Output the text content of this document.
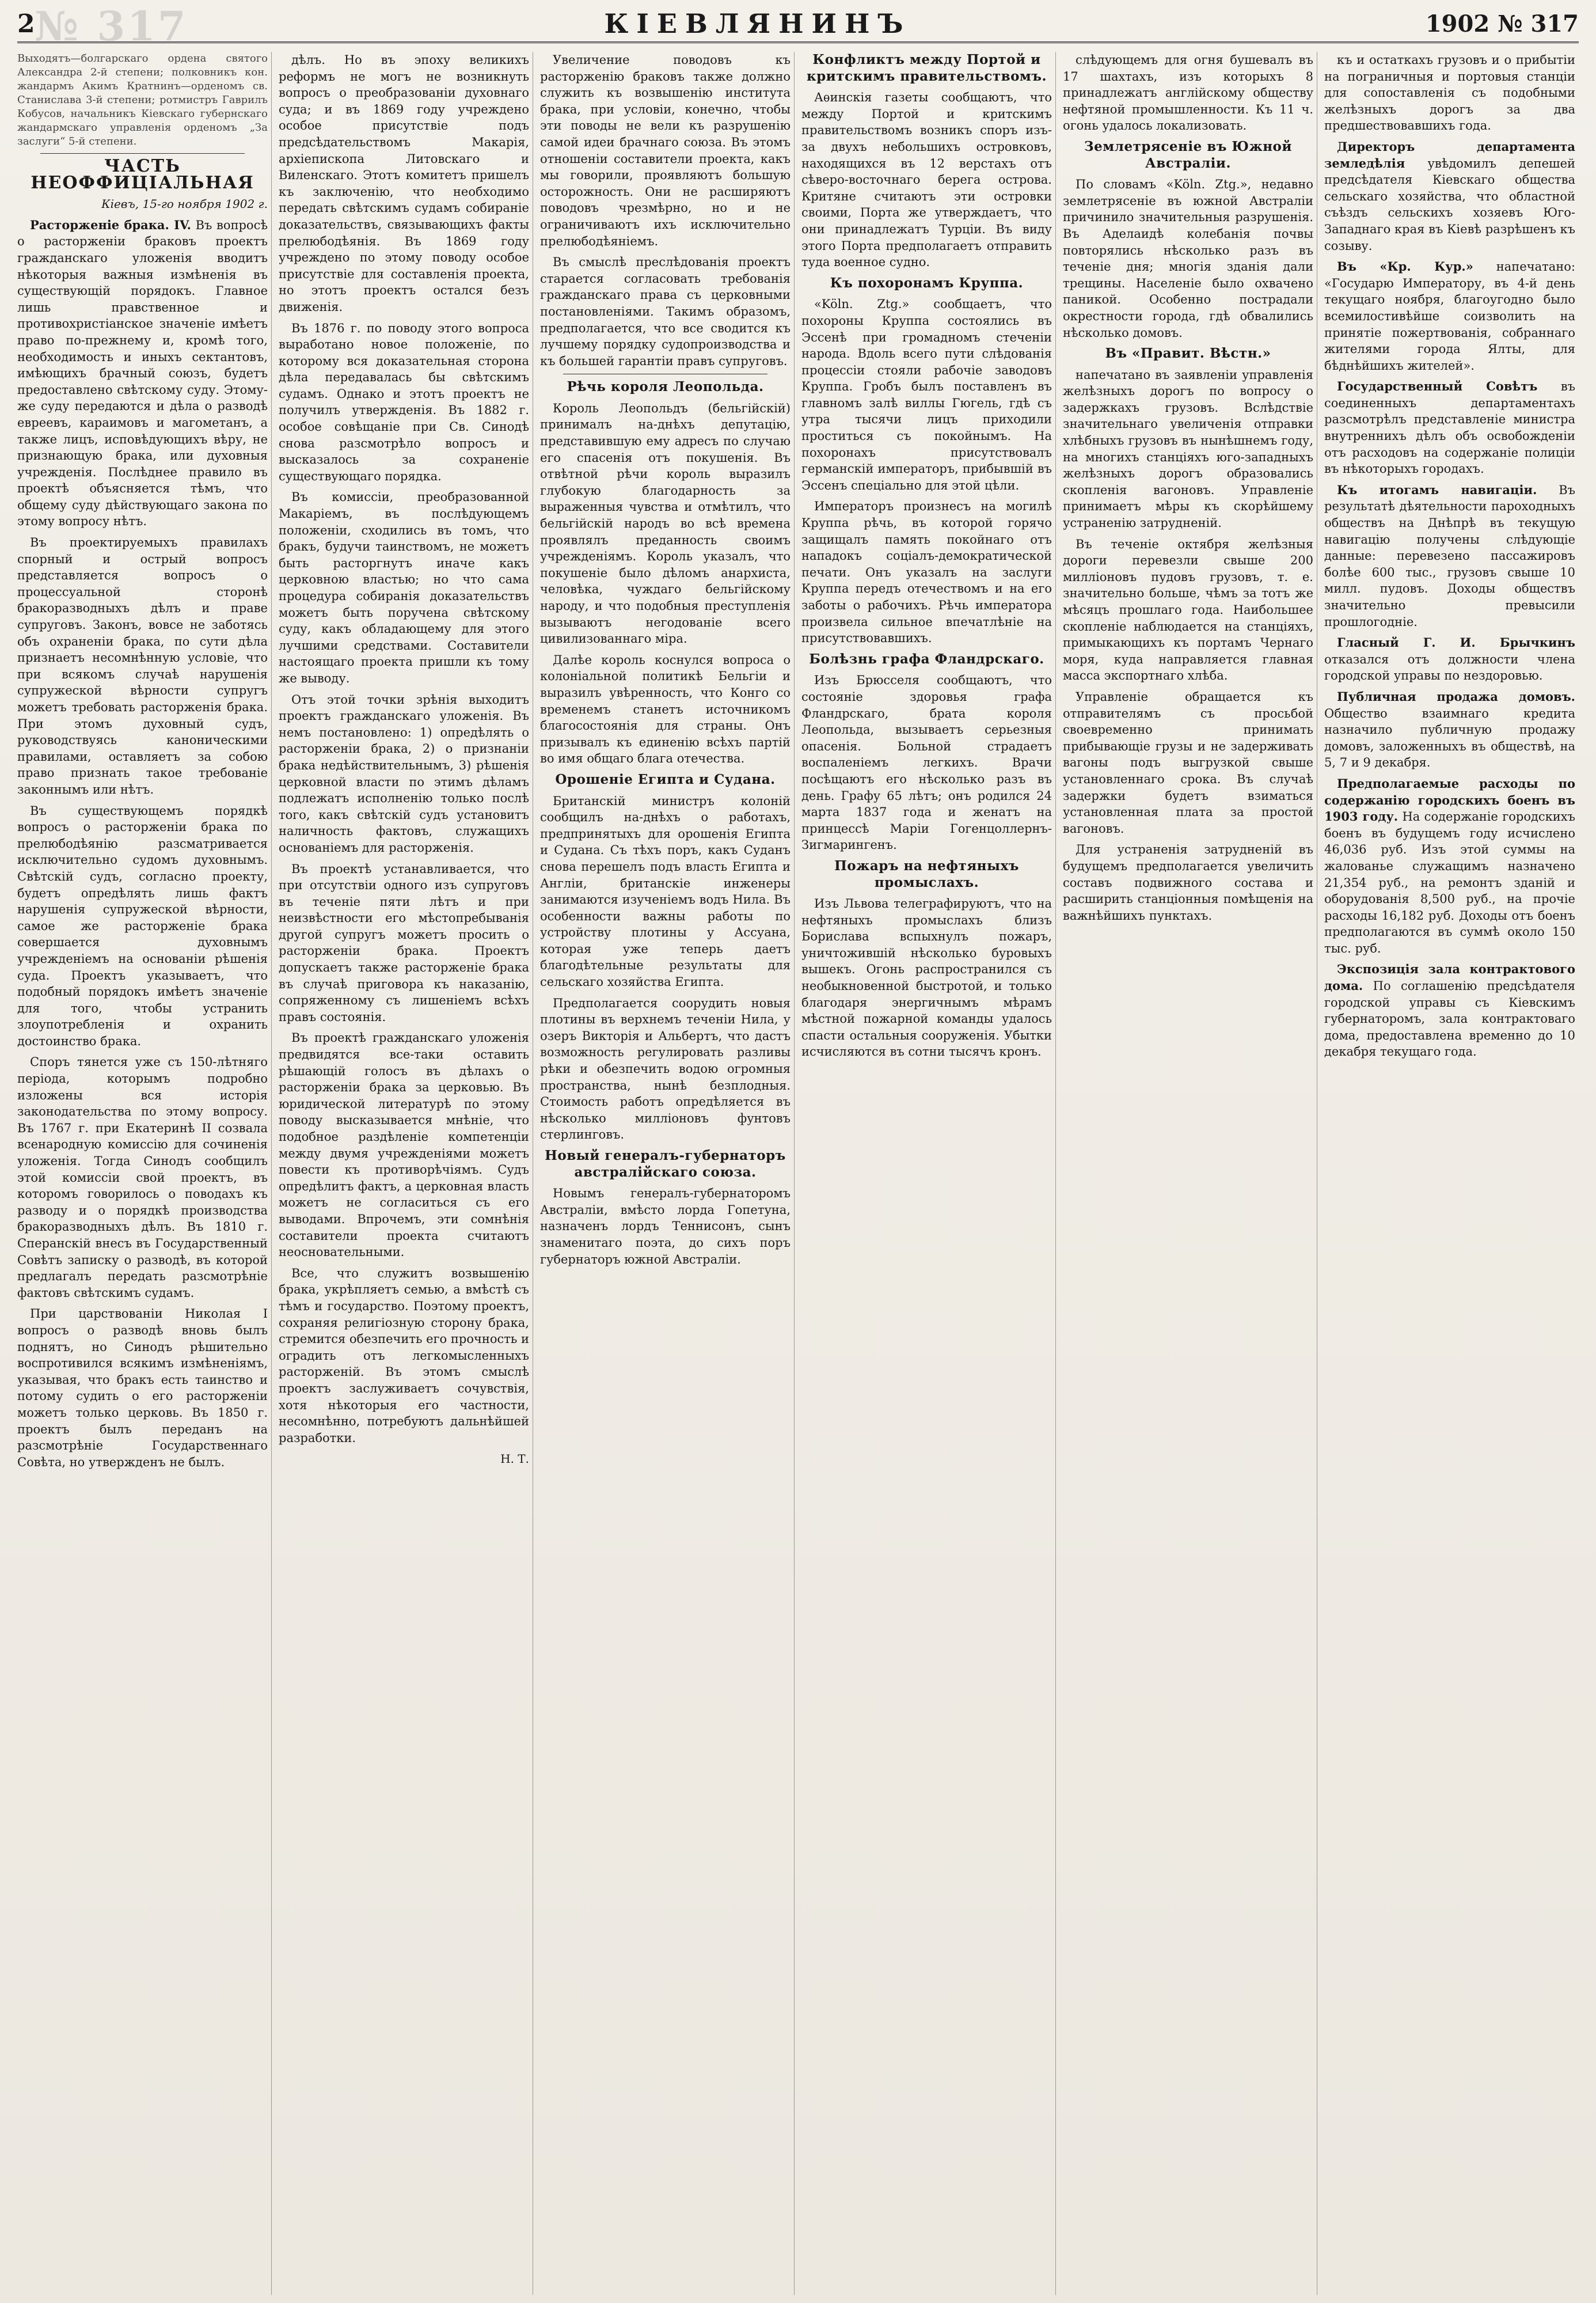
№ 317
2	КІЕВЛЯНИНЪ	1902 № 317

Выходятъ—болгарскаго ордена святого Александра 2-й степени; полковникъ кон. жандармъ Акимъ Кратнинъ—орденомъ св. Станислава 3-й степени; ротмистръ Гаврилъ Кобусов, начальникъ Кіевскаго губернскаго жандармскаго управленія орденомъ „За заслуги“ 5-й степени.

ЧАСТЬ НЕОФФИЦІАЛЬНАЯ

Кіевъ, 15-го ноября 1902 г.

Расторженіе брака. IV. Въ вопросѣ о расторженіи браковъ проектъ гражданскаго уложенія вводитъ нѣкоторыя важныя измѣненія въ существующій порядокъ. Главное лишь правственное и противохристіанское значеніе имѣетъ право по-прежнему и, кромѣ того, необходимость и иныхъ сектантовъ, имѣющихъ брачный союзъ, будетъ предоставлено свѣтскому суду. Этому-же суду передаются и дѣла о разводѣ евреевъ, караимовъ и магометанъ, а также лицъ, исповѣдующихъ вѣру, не признающую брака, или духовныя учрежденія. Послѣднее правило въ проектѣ объясняется тѣмъ, что общему суду дѣйствующаго закона по этому вопросу нѣтъ.

Въ проектируемыхъ правилахъ спорный и острый вопросъ представляется вопросъ о процессуальной сторонѣ бракоразводныхъ дѣлъ и праве супруговъ. Законъ, вовсе не заботясь объ охраненіи брака, по сути дѣла признаетъ несомнѣнную условіе, что при всякомъ случаѣ нарушенія супружеской вѣрности супругъ можетъ требовать расторженія брака. При этомъ духовный судъ, руководствуясь каноническими правилами, оставляетъ за собою право признать такое требованіе законнымъ или нѣтъ.

Въ существующемъ порядкѣ вопросъ о расторженіи брака по прелюбодѣянію разсматривается исключительно судомъ духовнымъ. Свѣтскій судъ, согласно проекту, будетъ опредѣлять лишь фактъ нарушенія супружеской вѣрности, самое же расторженіе брака совершается духовнымъ учрежденіемъ на основаніи рѣшенія суда. Проектъ указываетъ, что подобный порядокъ имѣетъ значеніе для того, чтобы устранить злоупотребленія и охранить достоинство брака.

Споръ тянется уже съ 150-лѣтняго періода, которымъ подробно изложены вся исторія законодательства по этому вопросу. Въ 1767 г. при Екатеринѣ II созвала всенародную комиссію для сочиненія уложенія. Тогда Синодъ сообщилъ этой комиссіи свой проектъ, въ которомъ говорилось о поводахъ къ разводу и о порядкѣ производства бракоразводныхъ дѣлъ. Въ 1810 г. Сперанскій внесъ въ Государственный Совѣтъ записку о разводѣ, въ которой предлагалъ передать разсмотрѣніе фактовъ свѣтскимъ судамъ.

При царствованіи Николая I вопросъ о разводѣ вновь былъ поднятъ, но Синодъ рѣшительно воспротивился всякимъ измѣненіямъ, указывая, что бракъ есть таинство и потому судить о его расторженіи можетъ только церковь. Въ 1850 г. проектъ былъ переданъ на разсмотрѣніе Государственнаго Совѣта, но утвержденъ не былъ.

дѣлъ. Но въ эпоху великихъ реформъ не могъ не возникнуть вопросъ о преобразованіи духовнаго суда; и въ 1869 году учреждено особое присутствіе подъ предсѣдательствомъ Макарія, архіепископа Литовскаго и Виленскаго. Этотъ комитетъ пришелъ къ заключенію, что необходимо передать свѣтскимъ судамъ собираніе доказательствъ, связывающихъ факты прелюбодѣянія. Въ 1869 году учреждено по этому поводу особое присутствіе для составленія проекта, но этотъ проектъ остался безъ движенія.

Въ 1876 г. по поводу этого вопроса выработано новое положеніе, по которому вся доказательная сторона дѣла передавалась бы свѣтскимъ судамъ. Однако и этотъ проектъ не получилъ утвержденія. Въ 1882 г. особое совѣщаніе при Св. Синодѣ снова разсмотрѣло вопросъ и высказалось за сохраненіе существующаго порядка.

Въ комиссіи, преобразованной Макаріемъ, въ послѣдующемъ положеніи, сходились въ томъ, что бракъ, будучи таинствомъ, не можетъ быть расторгнутъ иначе какъ церковною властью; но что сама процедура собиранія доказательствъ можетъ быть поручена свѣтскому суду, какъ обладающему для этого лучшими средствами. Составители настоящаго проекта пришли къ тому же выводу.

Отъ этой точки зрѣнія выходитъ проектъ гражданскаго уложенія. Въ немъ постановлено: 1) опредѣлять о расторженіи брака, 2) о признаніи брака недѣйствительнымъ, 3) рѣшенія церковной власти по этимъ дѣламъ подлежатъ исполненію только послѣ того, какъ свѣтскій судъ установитъ наличность фактовъ, служащихъ основаніемъ для расторженія.

Въ проектѣ устанавливается, что при отсутствіи одного изъ супруговъ въ теченіе пяти лѣтъ и при неизвѣстности его мѣстопребыванія другой супругъ можетъ просить о расторженіи брака. Проектъ допускаетъ также расторженіе брака въ случаѣ приговора къ наказанію, сопряженному съ лишеніемъ всѣхъ правъ состоянія.

Въ проектѣ гражданскаго уложенія предвидятся все-таки оставить рѣшающій голосъ въ дѣлахъ о расторженіи брака за церковью. Въ юридической литературѣ по этому поводу высказывается мнѣніе, что подобное раздѣленіе компетенціи между двумя учрежденіями можетъ повести къ противорѣчіямъ. Судъ опредѣлитъ фактъ, а церковная власть можетъ не согласиться съ его выводами. Впрочемъ, эти сомнѣнія составители проекта считаютъ неосновательными.

Все, что служитъ возвышенію брака, укрѣпляетъ семью, а вмѣстѣ съ тѣмъ и государство. Поэтому проектъ, сохраняя религіозную сторону брака, стремится обезпечить его прочность и оградить отъ легкомысленныхъ расторженій. Въ этомъ смыслѣ проектъ заслуживаетъ сочувствія, хотя нѣкоторыя его частности, несомнѣнно, потребуютъ дальнѣйшей разработки.

Н. Т.

Увеличение поводовъ къ расторженію браковъ также должно служить къ возвышенію института брака, при условіи, конечно, чтобы эти поводы не вели къ разрушенію самой идеи брачнаго союза. Въ этомъ отношеніи составители проекта, какъ мы говорили, проявляютъ большую осторожность. Они не расширяютъ поводовъ чрезмѣрно, но и не ограничиваютъ ихъ исключительно прелюбодѣяніемъ.

Въ смыслѣ преслѣдованія проектъ старается согласовать требованія гражданскаго права съ церковными постановленіями. Такимъ образомъ, предполагается, что все сводится къ лучшему порядку судопроизводства и къ большей гарантіи правъ супруговъ.

Рѣчь короля Леопольда.

Король Леопольдъ (бельгійскій) принималъ на-днѣхъ депутацію, представившую ему адресъ по случаю его спасенія отъ покушенія. Въ отвѣтной рѣчи король выразилъ глубокую благодарность за выраженныя чувства и отмѣтилъ, что бельгійскій народъ во всѣ времена проявлялъ преданность своимъ учрежденіямъ. Король указалъ, что покушеніе было дѣломъ анархиста, человѣка, чуждаго бельгійскому народу, и что подобныя преступленія вызываютъ негодованіе всего цивилизованнаго міра.

Далѣе король коснулся вопроса о колоніальной политикѣ Бельгіи и выразилъ увѣренность, что Конго со временемъ станетъ источникомъ благосостоянія для страны. Онъ призывалъ къ единенію всѣхъ партій во имя общаго блага отечества.

Орошеніе Египта и Судана.

Британскій министръ колоній сообщилъ на-днѣхъ о работахъ, предпринятыхъ для орошенія Египта и Судана. Съ тѣхъ поръ, какъ Суданъ снова перешелъ подъ власть Египта и Англіи, британскіе инженеры занимаются изученіемъ водъ Нила. Въ особенности важны работы по устройству плотины у Ассуана, которая уже теперь даетъ благодѣтельные результаты для сельскаго хозяйства Египта.

Предполагается соорудить новыя плотины въ верхнемъ теченіи Нила, у озеръ Викторія и Альбертъ, что дастъ возможность регулировать разливы рѣки и обезпечить водою огромныя пространства, нынѣ безплодныя. Стоимость работъ опредѣляется въ нѣсколько милліоновъ фунтовъ стерлинговъ.

Новый генералъ-губернаторъ австралійскаго союза.

Новымъ генералъ-губернаторомъ Австраліи, вмѣсто лорда Гопетуна, назначенъ лордъ Теннисонъ, сынъ знаменитаго поэта, до сихъ поръ губернаторъ южной Австраліи.

Конфликтъ между Портой и критскимъ правительствомъ.

Аѳинскія газеты сообщаютъ, что между Портой и критскимъ правительствомъ возникъ споръ изъ-за двухъ небольшихъ островковъ, находящихся въ 12 верстахъ отъ сѣверо-восточнаго берега острова. Критяне считаютъ эти островки своими, Порта же утверждаетъ, что они принадлежатъ Турціи. Въ виду этого Порта предполагаетъ отправить туда военное судно.

Къ похоронамъ Круппа.

«Köln. Ztg.» сообщаетъ, что похороны Круппа состоялись въ Эссенѣ при громадномъ стеченіи народа. Вдоль всего пути слѣдованія процессіи стояли рабочіе заводовъ Круппа. Гробъ былъ поставленъ въ главномъ залѣ виллы Гюгель, гдѣ съ утра тысячи лицъ приходили проститься съ покойнымъ. На похоронахъ присутствовалъ германскій императоръ, прибывшій въ Эссенъ спеціально для этой цѣли.

Императоръ произнесъ на могилѣ Круппа рѣчь, въ которой горячо защищалъ память покойнаго отъ нападокъ соціалъ-демократической печати. Онъ указалъ на заслуги Круппа передъ отечествомъ и на его заботы о рабочихъ. Рѣчь императора произвела сильное впечатлѣніе на присутствовавшихъ.

Болѣзнь графа Фландрскаго.

Изъ Брюсселя сообщаютъ, что состояніе здоровья графа Фландрскаго, брата короля Леопольда, вызываетъ серьезныя опасенія. Больной страдаетъ воспаленіемъ легкихъ. Врачи посѣщаютъ его нѣсколько разъ въ день. Графу 65 лѣтъ; онъ родился 24 марта 1837 года и женатъ на принцессѣ Маріи Гогенцоллернъ-Зигмарингенъ.

Пожаръ на нефтяныхъ промыслахъ.

Изъ Львова телеграфируютъ, что на нефтяныхъ промыслахъ близъ Борислава вспыхнулъ пожаръ, уничтожившій нѣсколько буровыхъ вышекъ. Огонь распространился съ необыкновенной быстротой, и только благодаря энергичнымъ мѣрамъ мѣстной пожарной команды удалось спасти остальныя сооруженія. Убытки исчисляются въ сотни тысячъ кронъ.

слѣдующемъ для огня бушевалъ въ 17 шахтахъ, изъ которыхъ 8 принадлежатъ англійскому обществу нефтяной промышленности. Къ 11 ч. огонь удалось локализовать.

Землетрясеніе въ Южной Австраліи.

По словамъ «Köln. Ztg.», недавно землетрясеніе въ южной Австраліи причинило значительныя разрушенія. Въ Аделаидѣ колебанія почвы повторялись нѣсколько разъ въ теченіе дня; многія зданія дали трещины. Населеніе было охвачено паникой. Особенно пострадали окрестности города, гдѣ обвалились нѣсколько домовъ.

Въ «Правит. Вѣстн.»

напечатано въ заявленіи управленія желѣзныхъ дорогъ по вопросу о задержкахъ грузовъ. Вслѣдствіе значительнаго увеличенія отправки хлѣбныхъ грузовъ въ нынѣшнемъ году, на многихъ станціяхъ юго-западныхъ желѣзныхъ дорогъ образовались скопленія вагоновъ. Управленіе принимаетъ мѣры къ скорѣйшему устраненію затрудненій.

Въ теченіе октября желѣзныя дороги перевезли свыше 200 милліоновъ пудовъ грузовъ, т. е. значительно больше, чѣмъ за тотъ же мѣсяцъ прошлаго года. Наибольшее скопленіе наблюдается на станціяхъ, примыкающихъ къ портамъ Чернаго моря, куда направляется главная масса экспортнаго хлѣба.

Управленіе обращается къ отправителямъ съ просьбой своевременно принимать прибывающіе грузы и не задерживать вагоны подъ выгрузкой свыше установленнаго срока. Въ случаѣ задержки будетъ взиматься установленная плата за простой вагоновъ.

Для устраненія затрудненій въ будущемъ предполагается увеличить составъ подвижного состава и расширить станціонныя помѣщенія на важнѣйшихъ пунктахъ.

къ и остаткахъ грузовъ и о прибытіи на пограничныя и портовыя станціи для сопоставленія съ подобными желѣзныхъ дорогъ за два предшествовавшихъ года.

Директоръ департамента земледѣлія увѣдомилъ депешей предсѣдателя Кіевскаго общества сельскаго хозяйства, что областной съѣздъ сельскихъ хозяевъ Юго-Западнаго края въ Кіевѣ разрѣшенъ къ созыву.

Въ «Кр. Кур.» напечатано: «Государю Императору, въ 4-й день текущаго ноября, благоугодно было всемилостивѣйше соизволить на принятіе пожертвованія, собраннаго жителями города Ялты, для бѣднѣйшихъ жителей».

Государственный Совѣтъ въ соединенныхъ департаментахъ разсмотрѣлъ представленіе министра внутреннихъ дѣлъ объ освобожденіи отъ расходовъ на содержаніе полиціи въ нѣкоторыхъ городахъ.

Къ итогамъ навигаціи. Въ результатѣ дѣятельности пароходныхъ обществъ на Днѣпрѣ въ текущую навигацію получены слѣдующіе данные: перевезено пассажировъ болѣе 600 тыс., грузовъ свыше 10 милл. пудовъ. Доходы обществъ значительно превысили прошлогодніе.

Гласный Г. И. Брычкинъ отказался отъ должности члена городской управы по нездоровью.

Публичная продажа домовъ. Общество взаимнаго кредита назначило публичную продажу домовъ, заложенныхъ въ обществѣ, на 5, 7 и 9 декабря.

Предполагаемые расходы по содержанію городскихъ боенъ въ 1903 году. На содержаніе городскихъ боенъ въ будущемъ году исчислено 46,036 руб. Изъ этой суммы на жалованье служащимъ назначено 21,354 руб., на ремонтъ зданій и оборудованія 8,500 руб., на прочіе расходы 16,182 руб. Доходы отъ боенъ предполагаются въ суммѣ около 150 тыс. руб.

Экспозиція зала контрактового дома. По соглашенію предсѣдателя городской управы съ Кіевскимъ губернаторомъ, зала контрактоваго дома, предоставлена временно до 10 декабря текущаго года.
